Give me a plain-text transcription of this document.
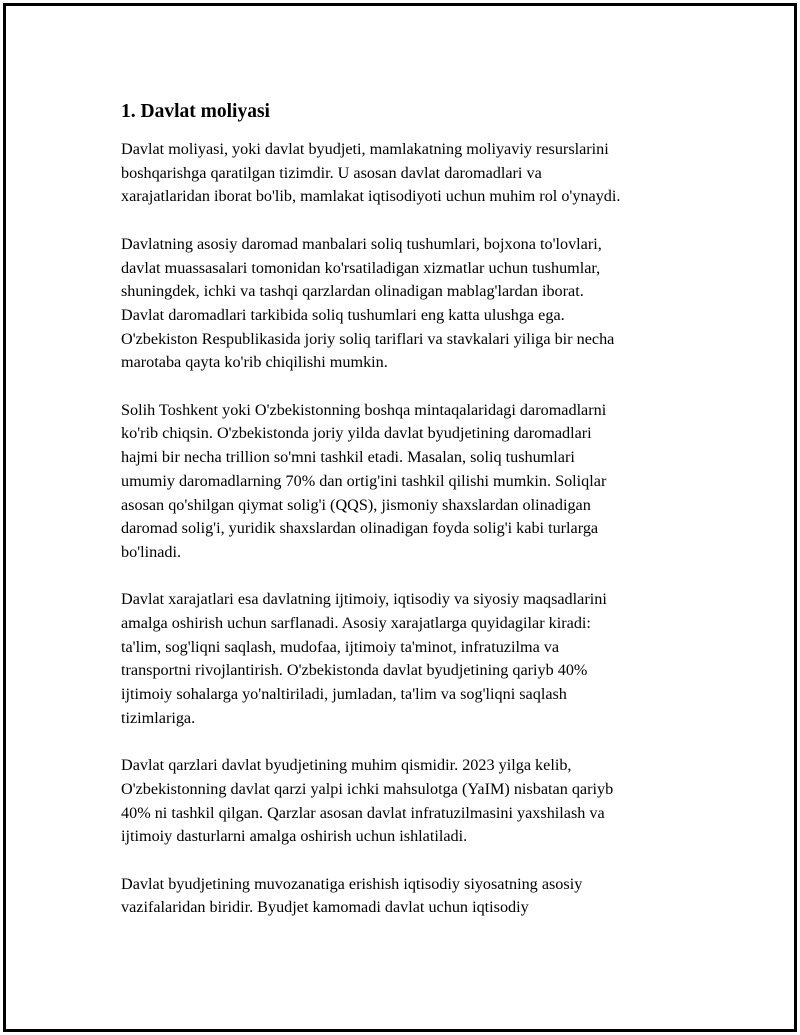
1. Davlat moliyasi

Davlat moliyasi, yoki davlat byudjeti, mamlakatning moliyaviy resurslarini
boshqarishga qaratilgan tizimdir. U asosan davlat daromadlari va
xarajatlaridan iborat bo'lib, mamlakat iqtisodiyoti uchun muhim rol o'ynaydi.

Davlatning asosiy daromad manbalari soliq tushumlari, bojxona to'lovlari,
davlat muassasalari tomonidan ko'rsatiladigan xizmatlar uchun tushumlar,
shuningdek, ichki va tashqi qarzlardan olinadigan mablag'lardan iborat.
Davlat daromadlari tarkibida soliq tushumlari eng katta ulushga ega.
O'zbekiston Respublikasida joriy soliq tariflari va stavkalari yiliga bir necha
marotaba qayta ko'rib chiqilishi mumkin.

Solih Toshkent yoki O'zbekistonning boshqa mintaqalaridagi daromadlarni
ko'rib chiqsin. O'zbekistonda joriy yilda davlat byudjetining daromadlari
hajmi bir necha trillion so'mni tashkil etadi. Masalan, soliq tushumlari
umumiy daromadlarning 70% dan ortig'ini tashkil qilishi mumkin. Soliqlar
asosan qo'shilgan qiymat solig'i (QQS), jismoniy shaxslardan olinadigan
daromad solig'i, yuridik shaxslardan olinadigan foyda solig'i kabi turlarga
bo'linadi.

Davlat xarajatlari esa davlatning ijtimoiy, iqtisodiy va siyosiy maqsadlarini
amalga oshirish uchun sarflanadi. Asosiy xarajatlarga quyidagilar kiradi:
ta'lim, sog'liqni saqlash, mudofaa, ijtimoiy ta'minot, infratuzilma va
transportni rivojlantirish. O'zbekistonda davlat byudjetining qariyb 40%
ijtimoiy sohalarga yo'naltiriladi, jumladan, ta'lim va sog'liqni saqlash
tizimlariga.

Davlat qarzlari davlat byudjetining muhim qismidir. 2023 yilga kelib,
O'zbekistonning davlat qarzi yalpi ichki mahsulotga (YaIM) nisbatan qariyb
40% ni tashkil qilgan. Qarzlar asosan davlat infratuzilmasini yaxshilash va
ijtimoiy dasturlarni amalga oshirish uchun ishlatiladi.

Davlat byudjetining muvozanatiga erishish iqtisodiy siyosatning asosiy
vazifalaridan biridir. Byudjet kamomadi davlat uchun iqtisodiy
